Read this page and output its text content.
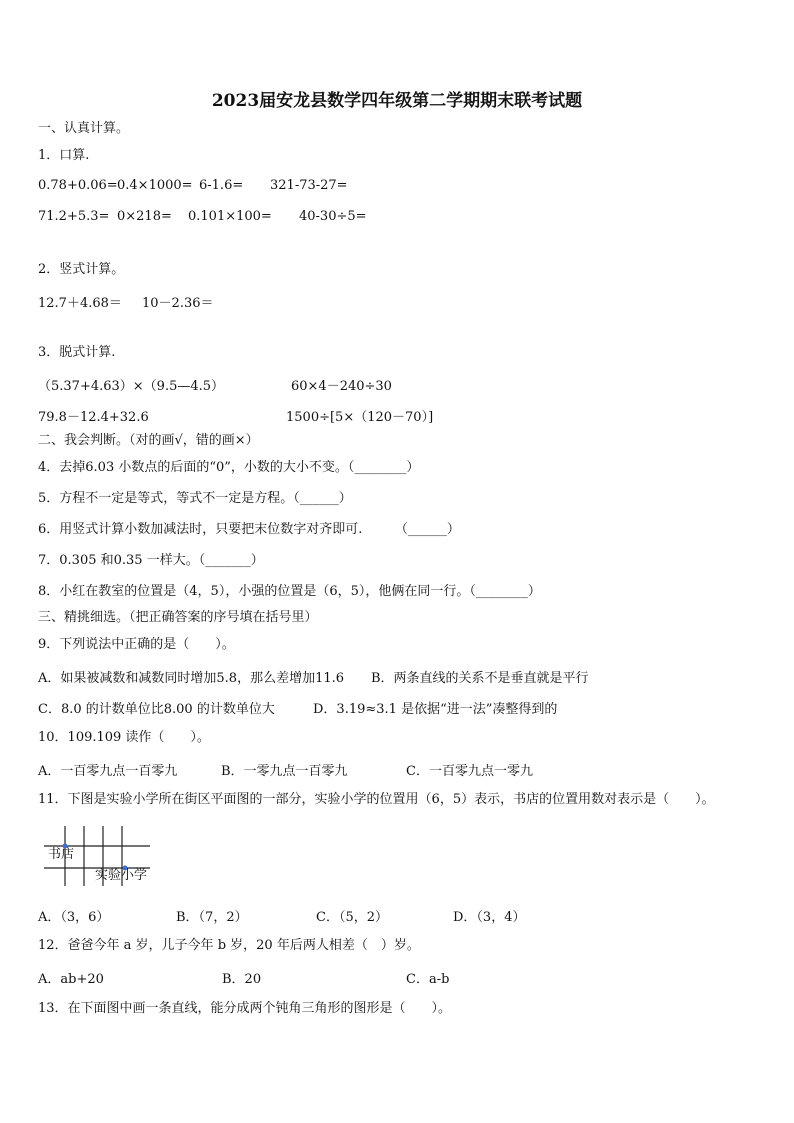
2023届安龙县数学四年级第二学期期末联考试题
一、认真计算。
1．口算.
0.78+0.06= 0.4×1000= 6-1.6= 321-73-27=
71.2+5.3= 0×218= 0.101×100= 40-30÷5=
2．竖式计算。
12.7＋4.68＝ 10－2.36＝
3．脱式计算.
（5.37+4.63）×（9.5—4.5）	60×4－240÷30
79.8－12.4+32.6	1500÷[5×（120－70）]
二、我会判断。（对的画√，错的画×）
4．去掉6.03 小数点的后面的“0”，小数的大小不变。（________）
5．方程不一定是等式，等式不一定是方程。（______）
6．用竖式计算小数加减法时，只要把末位数字对齐即可.　　　（______）
7．0.305 和0.35 一样大。（_______）
8．小红在教室的位置是（4，5），小强的位置是（6，5），他俩在同一行。（________）
三、精挑细选。（把正确答案的序号填在括号里）
9．下列说法中正确的是（　　）。
A．如果被减数和减数同时增加5.8，那么差增加11.6 B．两条直线的关系不是垂直就是平行
C．8.0 的计数单位比8.00 的计数单位大	D．3.19≈3.1 是依据“进一法”凑整得到的
10．109.109 读作（　　）。
A．一百零九点一百零九	B．一零九点一百零九	C．一百零九点一零九
11．下图是实验小学所在街区平面图的一部分，实验小学的位置用（6，5）表示，书店的位置用数对表示是（　　）。
书店
实验小学
A．（3，6）	B．（7，2）	C．（5，2）	D．（3，4）
12．爸爸今年 a 岁，儿子今年 b 岁，20 年后两人相差（　）岁。
A．ab+20	B．20	C．a-b
13．在下面图中画一条直线，能分成两个钝角三角形的图形是（　　）。
